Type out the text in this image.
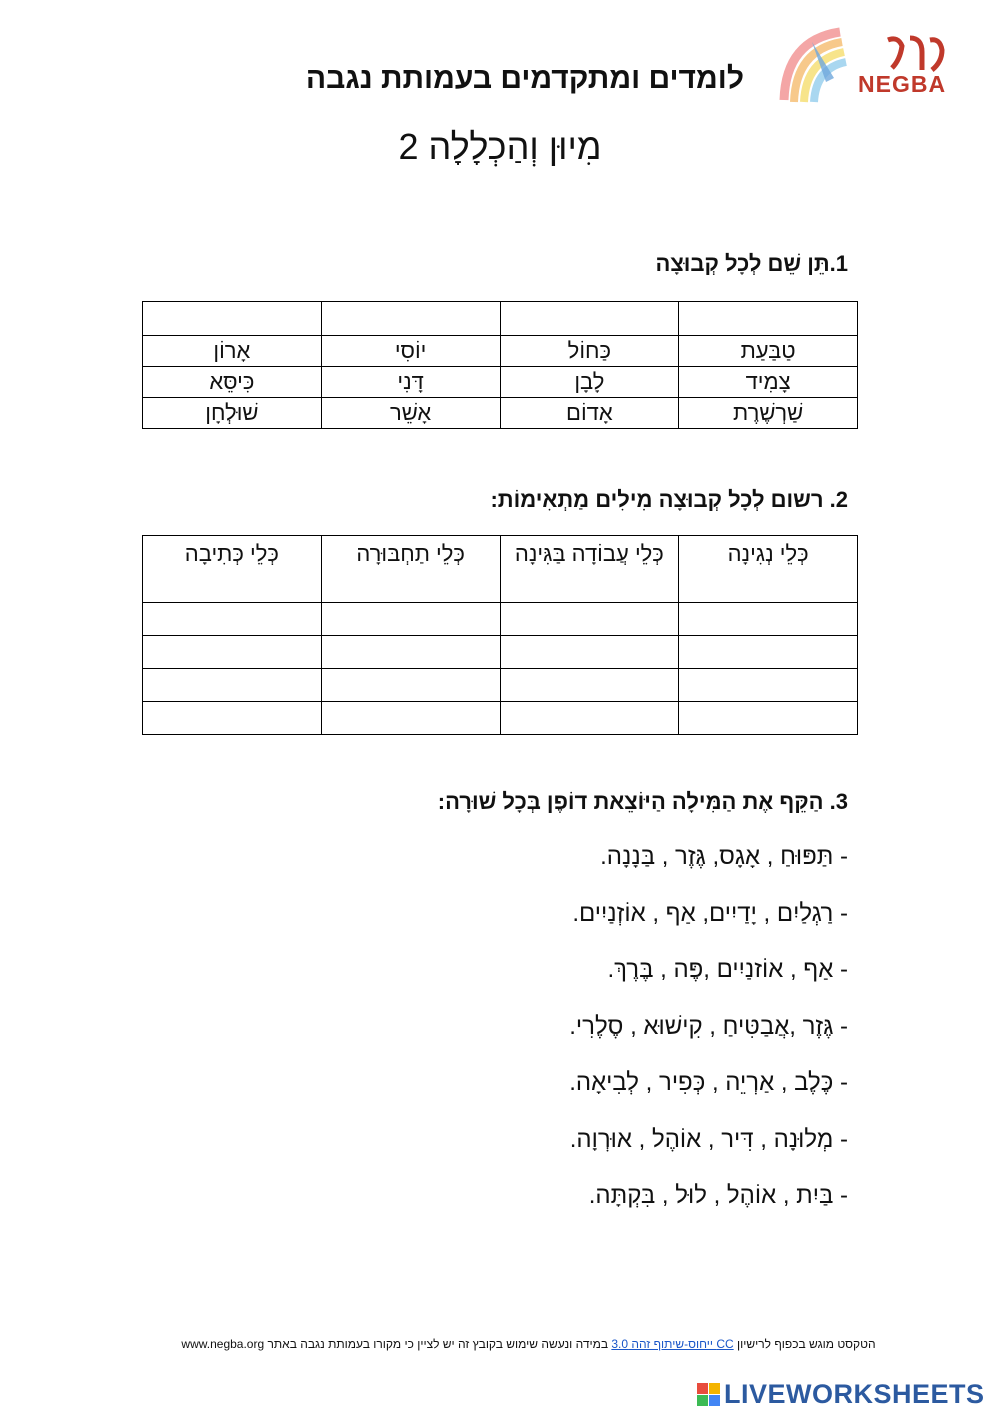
NEGBA
לומדים ומתקדמים בעמותת נגבה
מִיוּן וְהַכְלָלָה 2
1.תֵּן שֵׁם לְכָל קְבוּצָה

טַבַּעַת	כַּחוֹל	יוֹסִי	אָרוֹן
צָמִיד	לָבָן	דָּנִי	כִּיסֵּא
שַׁרְשֶׁרֶת	אָדוֹם	אָשֵׁר	שׁוּלְחָן
2. רשום לְכָל קְבוּצָה מִילִים מַתְאִימוֹת:
כְּלֵי נְגִינָה	כְּלֵי עֲבוֹדָה בַּגִּינָה	כְּלֵי תַחְבּוּרָה	כְּלֵי כְּתִיבָה

3. הַקֵּף אֶת הַמִּילָה הַיּוֹצֵאת דוֹפֶן בְּכָל שׁוּרָה:
- תַּפּוּחַ , אָגָס, גֶּזֶר , בַּנָנָה.
- רַגְלַיִם , יָדַיִים, אַף , אוֹזְנַיִים.
- אַף , אוֹזנַיִים ,פֶּה , בֶּרֶךְ.
- גֶּזֶר ,אֲבַטִּיחַ , קִישׁוּא , סֶלֶרִי.
- כֶּלֶב , אַרְיֵה , כְּפִיר , לְבִיאָה.
- מְלוּנָה , דִּיר , אוֹהֶל , אוּרְוָה.
- בַּיִת , אוֹהֶל , לוּל , בִּקְתָּה.
הטקסט מוגש בכפוף לרישיון CC ייחוס-שיתוף זהה 3.0 במידה ונעשה שימוש בקובץ זה יש לציין כי מקורו בעמותת נגבה באתר www.negba.org
LIVEWORKSHEETS
